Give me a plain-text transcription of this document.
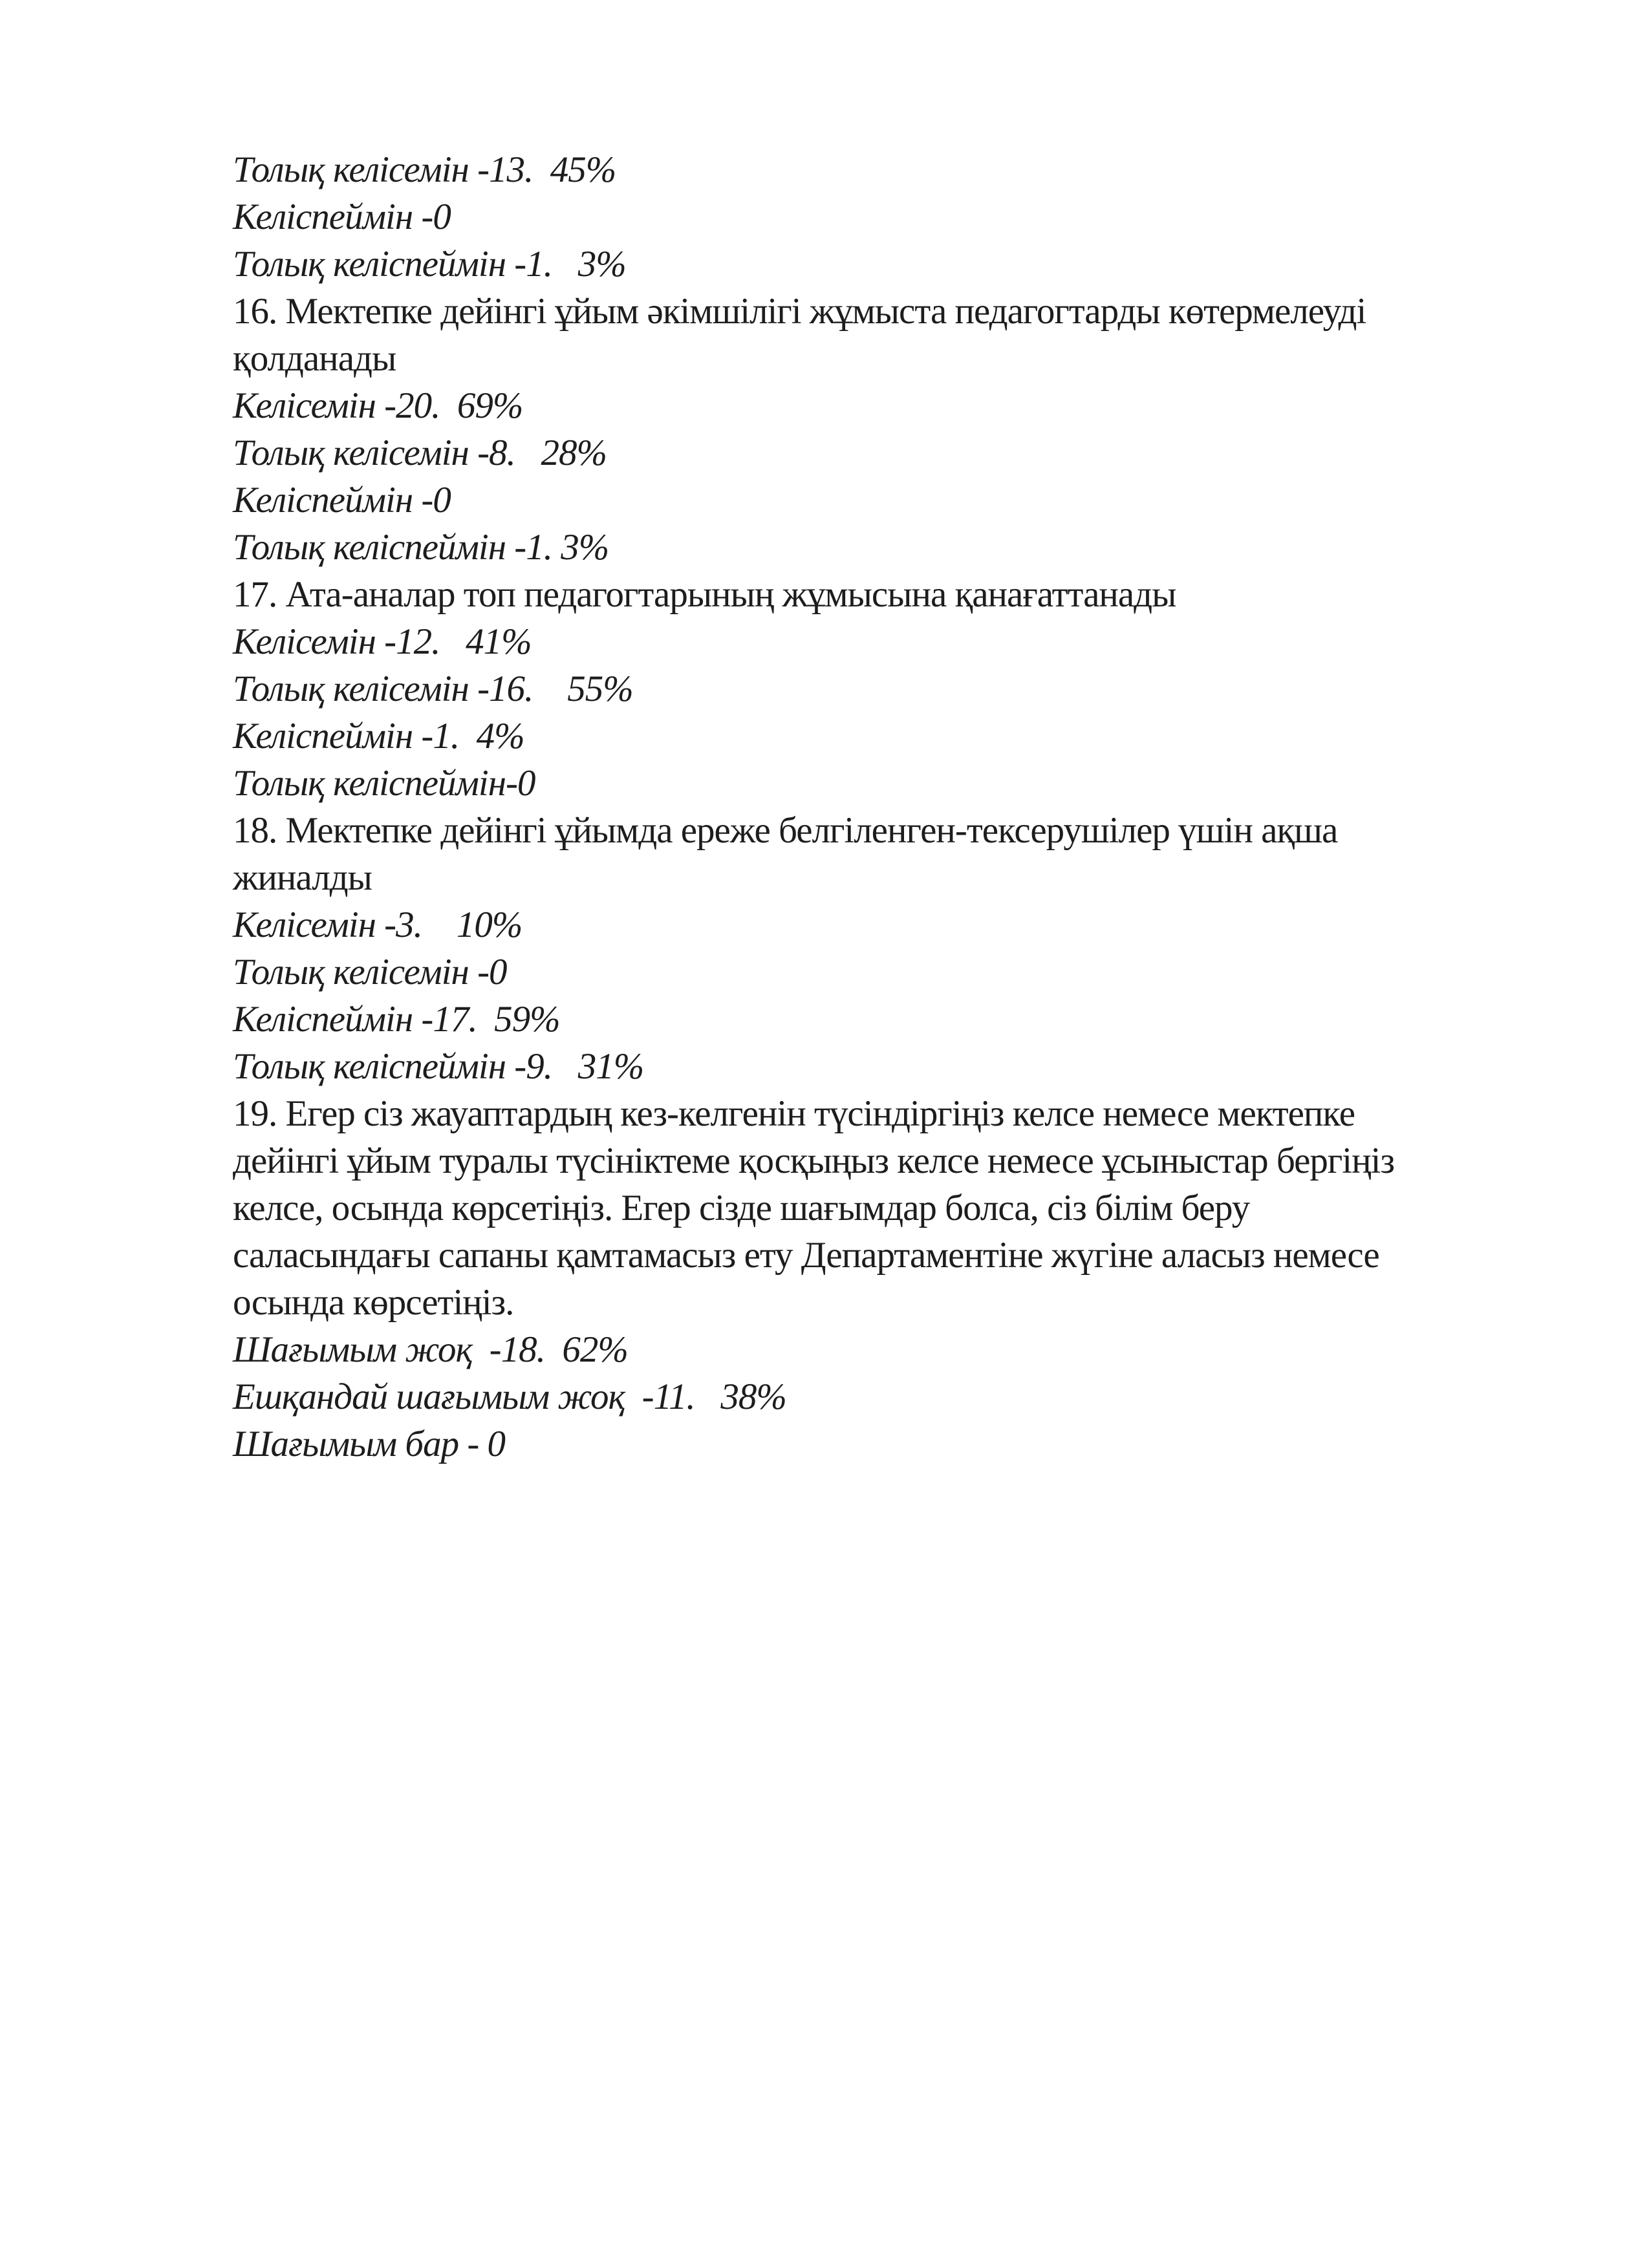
Толық келісемін -13.  45%
Келіспеймін -0
Толық келіспеймін -1.   3%
16. Мектепке дейінгі ұйым әкімшілігі жұмыста педагогтарды көтермелеуді
қолданады
Келісемін -20.  69%
Толық келісемін -8.   28%
Келіспеймін -0
Толық келіспеймін -1. 3%
17. Ата-аналар топ педагогтарының жұмысына қанағаттанады
Келісемін -12.   41%
Толық келісемін -16.    55%
Келіспеймін -1.  4%
Толық келіспеймін-0
18. Мектепке дейінгі ұйымда ереже белгіленген-тексерушілер үшін ақша
жиналды
Келісемін -3.    10%
Толық келісемін -0
Келіспеймін -17.  59%
Толық келіспеймін -9.   31%
19. Егер сіз жауаптардың кез-келгенін түсіндіргіңіз келсе немесе мектепке
дейінгі ұйым туралы түсініктеме қосқыңыз келсе немесе ұсыныстар бергіңіз
келсе, осында көрсетіңіз. Егер сізде шағымдар болса, сіз білім беру
саласындағы сапаны қамтамасыз ету Департаментіне жүгіне аласыз немесе
осында көрсетіңіз.
Шағымым жоқ  -18.  62%
Ешқандай шағымым жоқ  -11.   38%
Шағымым бар - 0
